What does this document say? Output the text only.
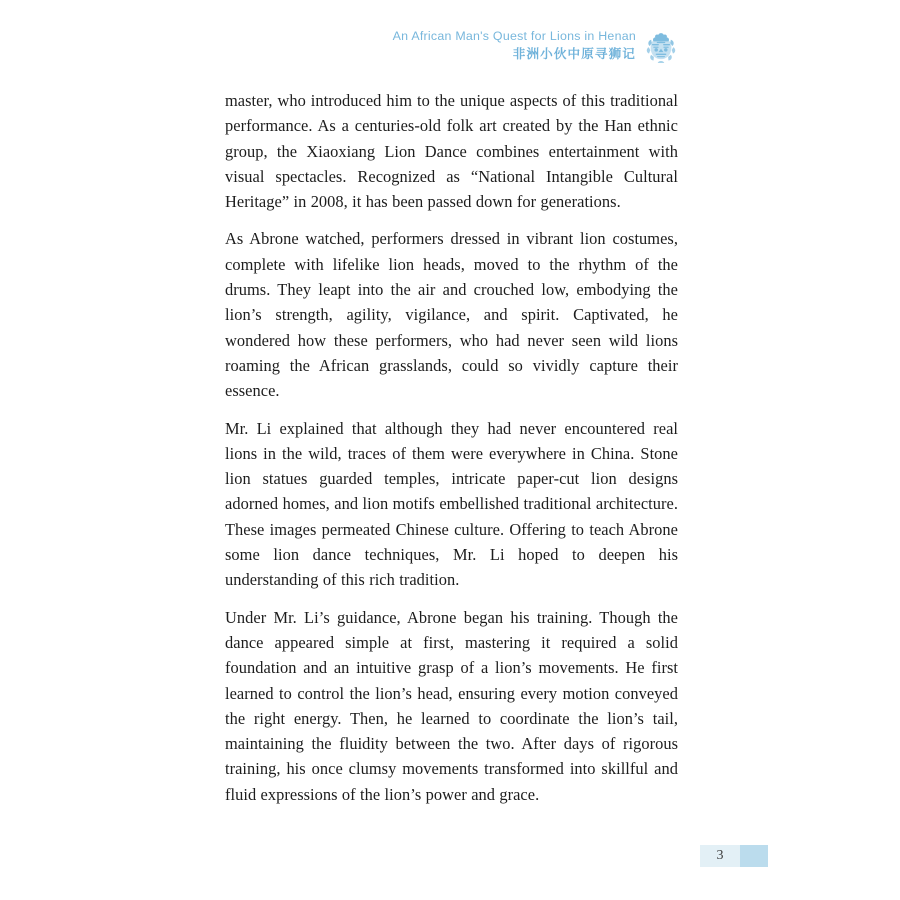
An African Man's Quest for Lions in Henan
非洲小伙中原寻狮记

master, who introduced him to the unique aspects of this traditional performance. As a centuries-old folk art created by the Han ethnic group, the Xiaoxiang Lion Dance combines entertainment with visual spectacles. Recognized as “National Intangible Cultural Heritage” in 2008, it has been passed down for generations.

As Abrone watched, performers dressed in vibrant lion costumes, complete with lifelike lion heads, moved to the rhythm of the drums. They leapt into the air and crouched low, embodying the lion’s strength, agility, vigilance, and spirit. Captivated, he wondered how these performers, who had never seen wild lions roaming the African grasslands, could so vividly capture their essence.

Mr. Li explained that although they had never encountered real lions in the wild, traces of them were everywhere in China. Stone lion statues guarded temples, intricate paper-cut lion designs adorned homes, and lion motifs embellished traditional architecture. These images permeated Chinese culture. Offering to teach Abrone some lion dance techniques, Mr. Li hoped to deepen his understanding of this rich tradition.

Under Mr. Li’s guidance, Abrone began his training. Though the dance appeared simple at first, mastering it required a solid foundation and an intuitive grasp of a lion’s movements. He first learned to control the lion’s head, ensuring every motion conveyed the right energy. Then, he learned to coordinate the lion’s tail, maintaining the fluidity between the two. After days of rigorous training, his once clumsy movements transformed into skillful and fluid expressions of the lion’s power and grace.

3
